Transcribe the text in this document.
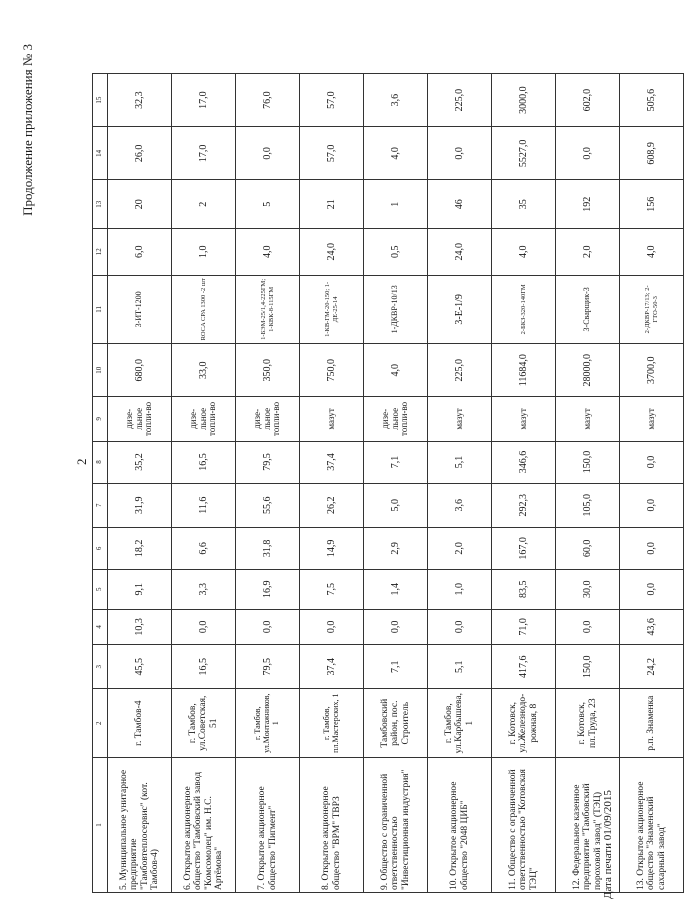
Продолжение приложения № 3
2
1	2	3	4	5	6	7	8	9	10	11	12	13	14	15
5. Муниципальное унитарное предприятие "Тамбовтеплосервис" (кот. Тамбов-4)	г. Тамбов-4	45,5	10,3	9,1	18,2	31,9	35,2	дизе-льное топли-во	680,0	3-ИТ-1200	6,0	20	26,0	32,3
6. Открытое акционерное общество "Тамбовский завод "Комсомолец" им. Н.С. Артёмова"	г. Тамбов, ул.Советская, 51	16,5	0,0	3,3	6,6	11,6	16,5	дизе-льное топли-во	33,0	ROCA CPA 1300 -2 шт	1,0	2	17,0	17,0
7. Открытое акционерное общество "Пигмент"	г. Тамбов, ул.Монтажников, 1	79,5	0,0	16,9	31,8	55,6	79,5	дизе-льное топли-во	350,0	1-БЭМ-25/1,4-225ГМ; 1-КВК-8-115ГМ	4,0	5	0,0	76,0
8. Открытое акционерное общество "ВРМ" ТВРЗ	г. Тамбов, пл.Мастерских, 1	37,4	0,0	7,5	14,9	26,2	37,4	мазут	750,0	1-КВ-ГМ-20-150; 1-ДЕ-25-14	24,0	21	57,0	57,0
9. Общество с ограниченной ответственностью "Инвестиционная индустрия"	Тамбовский район, пос. Строитель	7,1	0,0	1,4	2,9	5,0	7,1	дизе-льное топли-во	4,0	1-ДКВР-10/13	0,5	1	4,0	3,6
10. Открытое акционерное общество "2048 ЦИБ"	г. Тамбов, ул.Карбышева, 1	5,1	0,0	1,0	2,0	3,6	5,1	мазут	225,0	3-Е-1/9	24,0	46	0,0	225,0
11. Общество с ограниченной ответственностью "Котовская ТЭЦ"	г. Котовск, ул.Железнодо-рожная, 8	417,6	71,0	83,5	167,0	292,3	346,6	мазут	11684,0	2-БКЗ-320-140ГМ	4,0	35	5527,0	3000,0
12. Федеральное казенное предприятие "Тамбовский пороховой завод" (ТЭЦ)	г. Котовск, пл.Труда, 23	150,0	0,0	30,0	60,0	105,0	150,0	мазут	28000,0	3-Сварщик-3	2,0	192	0,0	602,0
13. Открытое акционерное общество "Знаменский сахарный завод"	р.п. Знаменка	24,2	43,6	0,0	0,0	0,0	0,0	мазут	3700,0	2-ДКВР-17/13; 2-ГТО-50-3	4,0	156	608,9	505,6
Дата печати 01/09/2015
